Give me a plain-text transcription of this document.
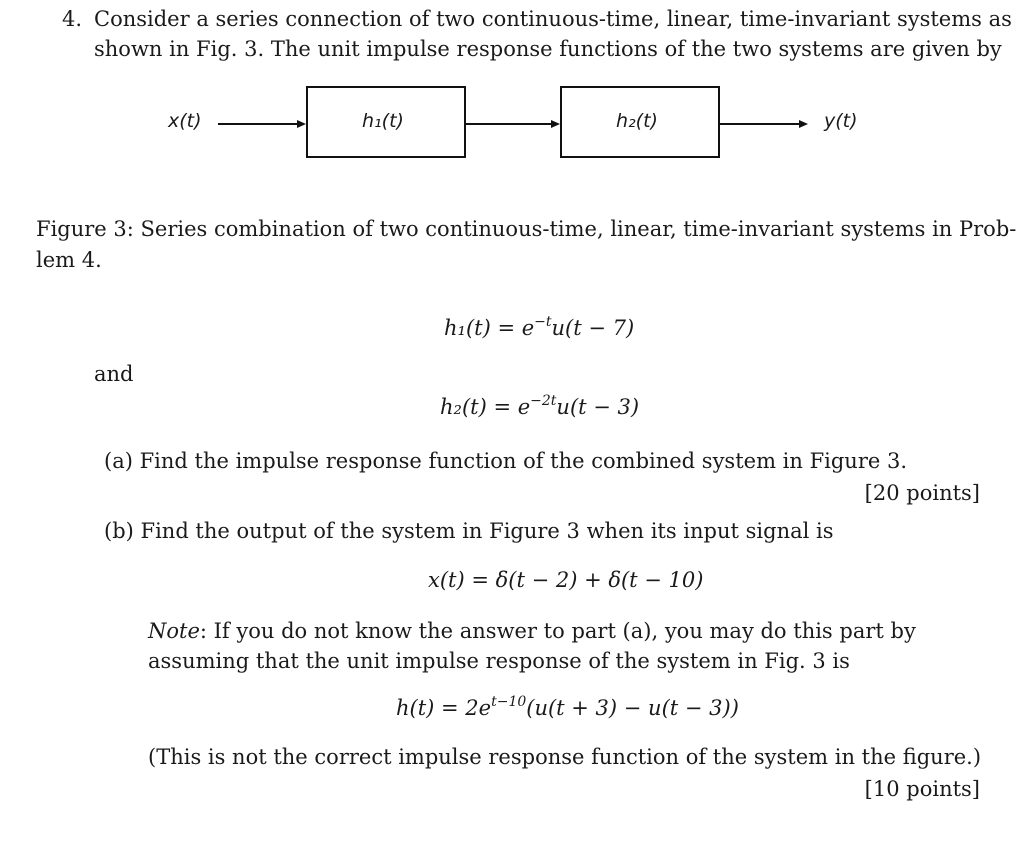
4. Consider a series connection of two continuous-time, linear, time-invariant systems as
shown in Fig. 3. The unit impulse response functions of the two systems are given by
x(t)	h₁(t)	h₂(t)	y(t)
Figure 3: Series combination of two continuous-time, linear, time-invariant systems in Prob-
lem 4.
$h_1(t) = e^{-t}u(t - 7)$
and
$h_2(t) = e^{-2t}u(t - 3)$
(a) Find the impulse response function of the combined system in Figure 3.
[20 points]
(b) Find the output of the system in Figure 3 when its input signal is
x(t) = δ(t − 2) + δ(t − 10)
Note: If you do not know the answer to part (a), you may do this part by
assuming that the unit impulse response of the system in Fig. 3 is
$h(t) = 2e^{t-10}(u(t + 3) - u(t - 3))$
(This is not the correct impulse response function of the system in the figure.)
[10 points]
